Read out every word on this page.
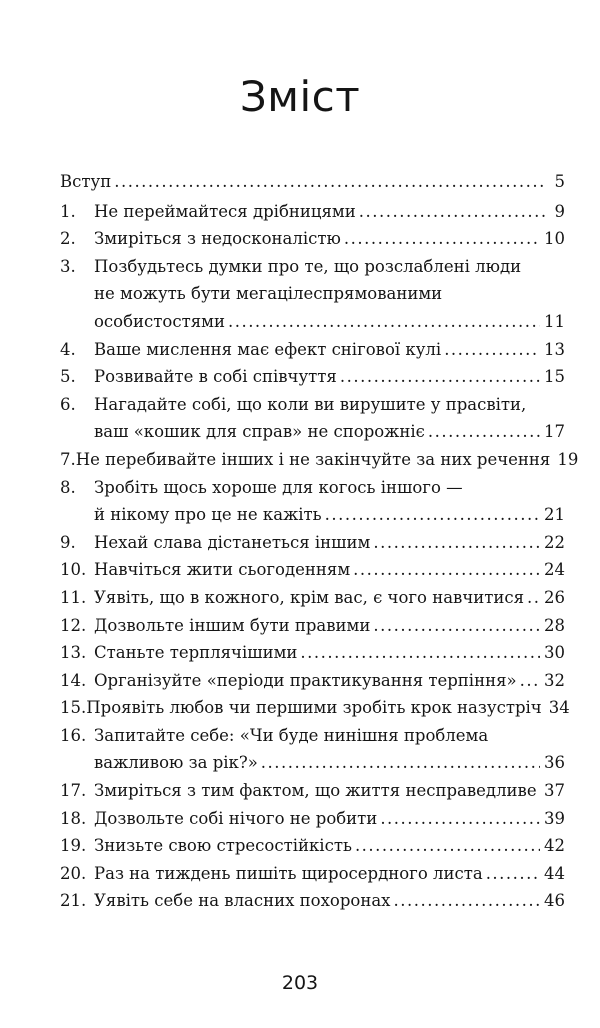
Зміст
Вступ .....	5
1.	Не переймайтеся дрібницями .....	9
2.	Змиріться з недосконалістю .....	10
3.	Позбудьтесь думки про те, що розслаблені люди
не можуть бути мегацілеспрямованими
особистостями .....	11
4.	Ваше мислення має ефект снігової кулі .....	13
5.	Розвивайте в собі співчуття .....	15
6.	Нагадайте собі, що коли ви вирушите у прасвіти,
ваш «кошик для справ» не спорожніє .....	17
7. Не перебивайте інших і не закінчуйте за них речення 19
8.	Зробіть щось хороше для когось іншого —
й нікому про це не кажіть .....	21
9.	Нехай слава дістанеться іншим .....	22
10. Навчіться жити сьогоденням .....	24
11. Уявіть, що в кожного, крім вас, є чого навчитися ..... 26
12. Дозвольте іншим бути правими .....	28
13. Станьте терплячішими .....	30
14. Організуйте «періоди практикування терпіння» ..... 32
15. Проявіть любов чи першими зробіть крок назустріч 34
16. Запитайте себе: «Чи буде нинішня проблема
важливою за рік?» .....	36
17. Змиріться з тим фактом, що життя несправедливе ..... 37
18. Дозвольте собі нічого не робити .....	39
19. Знизьте свою стресостійкість .....	42
20. Раз на тиждень пишіть щиросердного листа .....	44
21. Уявіть себе на власних похоронах .....	46
203
